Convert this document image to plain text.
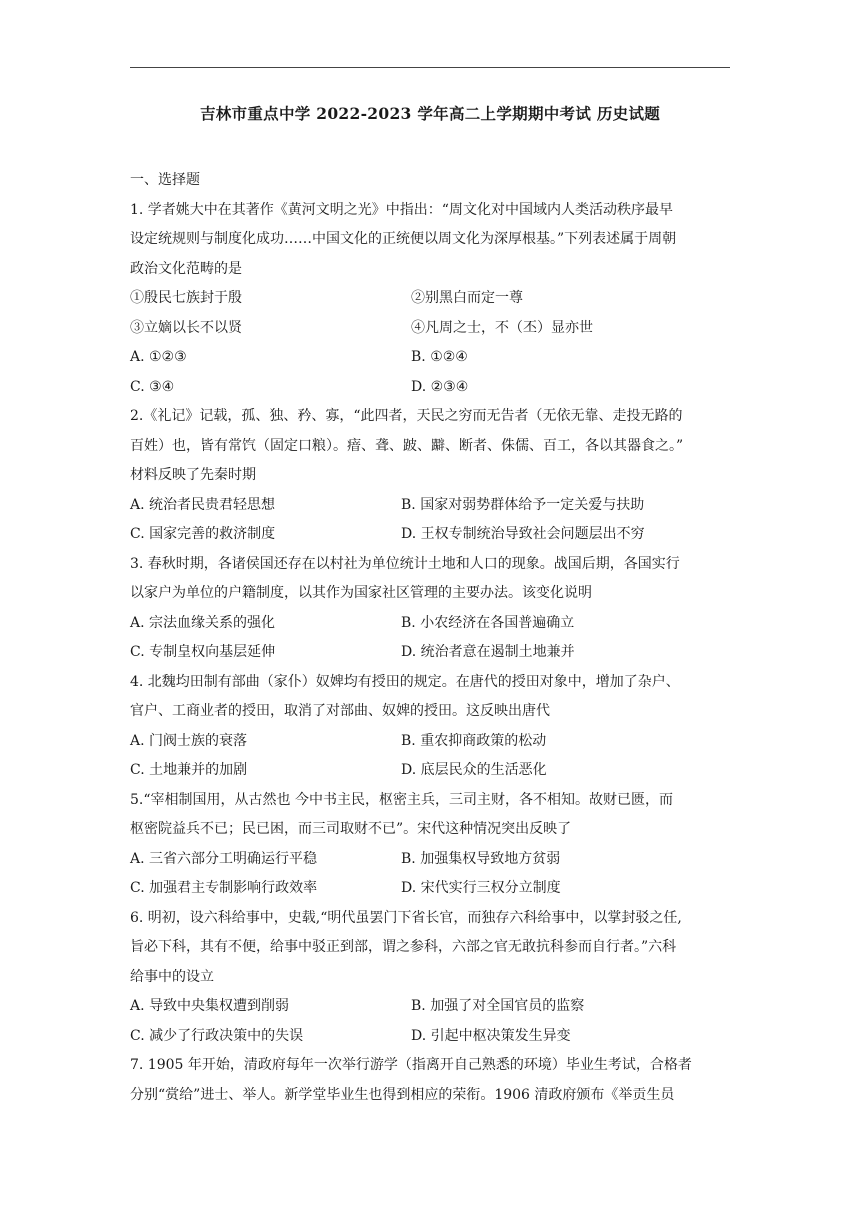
吉林市重点中学 2022-2023 学年高二上学期期中考试 历史试题
一、选择题
1. 学者姚大中在其著作《黄河文明之光》中指出：“周文化对中国域内人类活动秩序最早
设定统规则与制度化成功……中国文化的正统便以周文化为深厚根基。”下列表述属于周朝
政治文化范畴的是
①殷民七族封于殷	②别黑白而定一尊
③立嫡以长不以贤	④凡周之士，不（丕）显亦世
A. ①②③	B. ①②④
C. ③④	D. ②③④
2.《礼记》记载，孤、独、矜、寡，“此四者，天民之穷而无告者（无依无靠、走投无路的
百姓）也，皆有常饩（固定口粮）。瘖、聋、跛、躃、断者、侏儒、百工，各以其器食之。”
材料反映了先秦时期
A. 统治者民贵君轻思想	B. 国家对弱势群体给予一定关爱与扶助
C. 国家完善的救济制度	D. 王权专制统治导致社会问题层出不穷
3. 春秋时期，各诸侯国还存在以村社为单位统计土地和人口的现象。战国后期，各国实行
以家户为单位的户籍制度，以其作为国家社区管理的主要办法。该变化说明
A. 宗法血缘关系的强化	B. 小农经济在各国普遍确立
C. 专制皇权向基层延伸	D. 统治者意在遏制土地兼并
4. 北魏均田制有部曲（家仆）奴婢均有授田的规定。在唐代的授田对象中，增加了杂户、
官户、工商业者的授田，取消了对部曲、奴婢的授田。这反映出唐代
A. 门阀士族的衰落	B. 重农抑商政策的松动
C. 土地兼并的加剧	D. 底层民众的生活恶化
5.“宰相制国用，从古然也 今中书主民，枢密主兵，三司主财，各不相知。故财已匮，而
枢密院益兵不已；民已困，而三司取财不已”。宋代这种情况突出反映了
A. 三省六部分工明确运行平稳	B. 加强集权导致地方贫弱
C. 加强君主专制影响行政效率	D. 宋代实行三权分立制度
6. 明初，设六科给事中，史载,“明代虽罢门下省长官，而独存六科给事中，以掌封驳之任,
旨必下科，其有不便，给事中驳正到部，谓之参科，六部之官无敢抗科参而自行者。”六科
给事中的设立
A. 导致中央集权遭到削弱	B. 加强了对全国官员的监察
C. 减少了行政决策中的失误	D. 引起中枢决策发生异变
7. 1905 年开始，清政府每年一次举行游学（指离开自己熟悉的环境）毕业生考试，合格者
分别“赏给”进士、举人。新学堂毕业生也得到相应的荣衔。1906 清政府颁布《举贡生员
